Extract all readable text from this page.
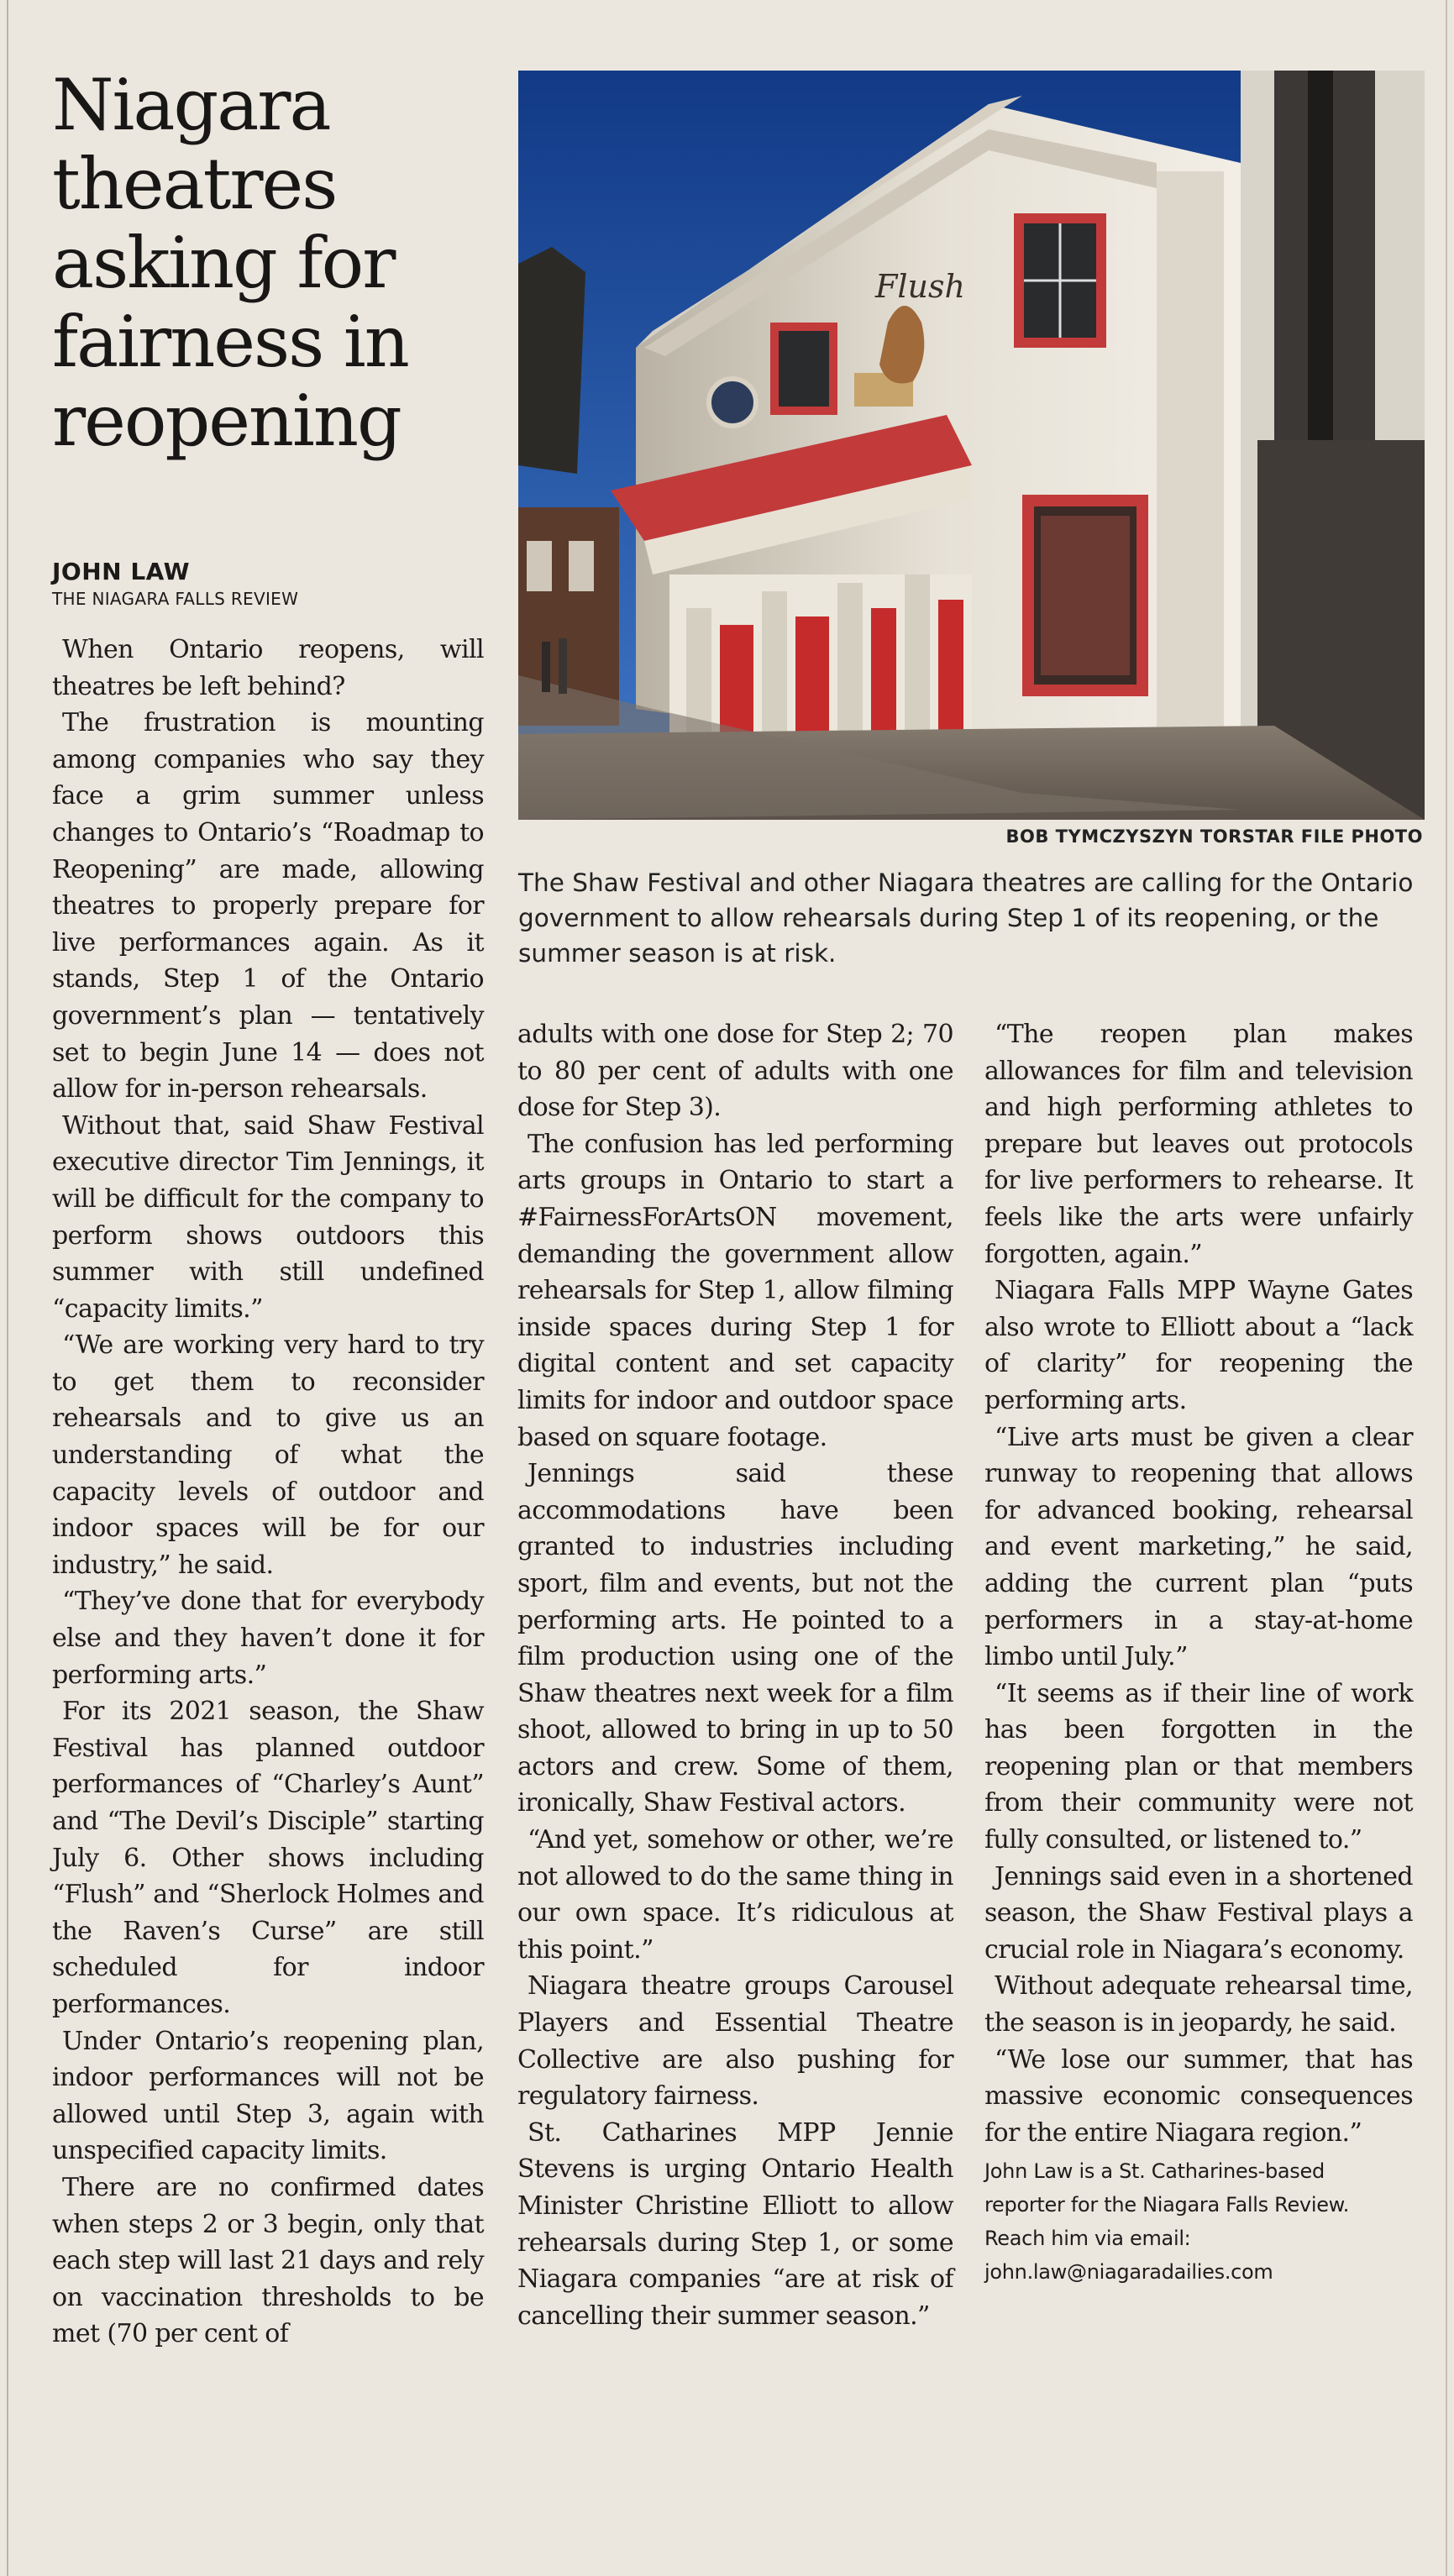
Niagara
theatres
asking for
fairness in
reopening
JOHN LAW
THE NIAGARA FALLS REVIEW
Flush
BOB TYMCZYSZYN TORSTAR FILE PHOTO
The Shaw Festival and other Niagara theatres are calling for the Ontario government to allow rehearsals during Step 1 of its reopening, or the summer season is at risk.

When Ontario reopens, will theatres be left behind?

The frustration is mounting among companies who say they face a grim summer unless changes to Ontario’s “Roadmap to Reopening” are made, allowing theatres to properly prepare for live performances again. As it stands, Step 1 of the Ontario government’s plan — tentatively set to begin June 14 — does not allow for in-person rehearsals.

Without that, said Shaw Festival executive director Tim Jennings, it will be difficult for the company to perform shows outdoors this summer with still undefined “capacity limits.”

“We are working very hard to try to get them to reconsider rehearsals and to give us an understanding of what the capacity levels of outdoor and indoor spaces will be for our industry,” he said.

“They’ve done that for everybody else and they haven’t done it for performing arts.”

For its 2021 season, the Shaw Festival has planned outdoor performances of “Charley’s Aunt” and “The Devil’s Disciple” starting July 6. Other shows including “Flush” and “Sherlock Holmes and the Raven’s Curse” are still scheduled for indoor performances.

Under Ontario’s reopening plan, indoor performances will not be allowed until Step 3, again with unspecified capacity limits.

There are no confirmed dates when steps 2 or 3 begin, only that each step will last 21 days and rely on vaccination thresholds to be met (70 per cent of

adults with one dose for Step 2; 70 to 80 per cent of adults with one dose for Step 3).

The confusion has led performing arts groups in Ontario to start a #FairnessForArtsON movement, demanding the government allow rehearsals for Step 1, allow filming inside spaces during Step 1 for digital content and set capacity limits for indoor and outdoor space based on square footage.

Jennings said these accommodations have been granted to industries including sport, film and events, but not the performing arts. He pointed to a film production using one of the Shaw theatres next week for a film shoot, allowed to bring in up to 50 actors and crew. Some of them, ironically, Shaw Festival actors.

“And yet, somehow or other, we’re not allowed to do the same thing in our own space. It’s ridiculous at this point.”

Niagara theatre groups Carousel Players and Essential Theatre Collective are also pushing for regulatory fairness.

St. Catharines MPP Jennie Stevens is urging Ontario Health Minister Christine Elliott to allow rehearsals during Step 1, or some Niagara companies “are at risk of cancelling their summer season.”

“The reopen plan makes allowances for film and television and high performing athletes to prepare but leaves out protocols for live performers to rehearse. It feels like the arts were unfairly forgotten, again.”

Niagara Falls MPP Wayne Gates also wrote to Elliott about a “lack of clarity” for reopening the performing arts.

“Live arts must be given a clear runway to reopening that allows for advanced booking, rehearsal and event marketing,” he said, adding the current plan “puts performers in a stay-at-home limbo until July.”

“It seems as if their line of work has been forgotten in the reopening plan or that members from their community were not fully consulted, or listened to.”

Jennings said even in a shortened season, the Shaw Festival plays a crucial role in Niagara’s economy.

Without adequate rehearsal time, the season is in jeopardy, he said.

“We lose our summer, that has massive economic consequences for the entire Niagara region.”

John Law is a St. Catharines-based
reporter for the Niagara Falls Review.
Reach him via email:
john.law@niagaradailies.com
